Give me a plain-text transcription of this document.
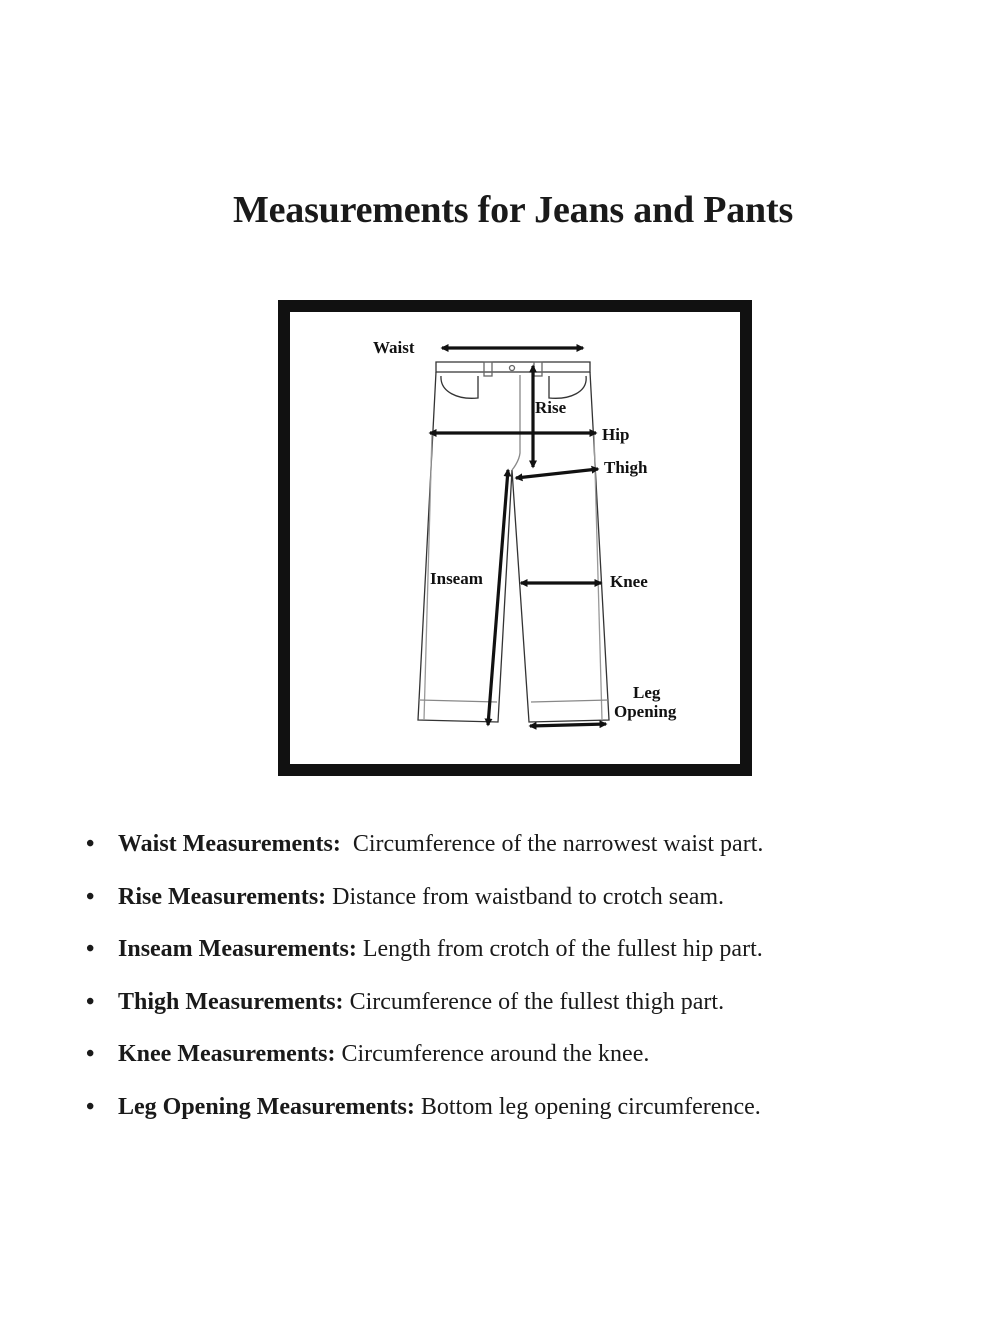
Measurements for Jeans and Pants
Waist
Rise
Hip
Thigh
Inseam	Knee
Leg
Opening
• Waist Measurements: Circumference of the narrowest waist part.
• Rise Measurements: Distance from waistband to crotch seam.
• Inseam Measurements: Length from crotch of the fullest hip part.
• Thigh Measurements: Circumference of the fullest thigh part.
• Knee Measurements: Circumference around the knee.
• Leg Opening Measurements: Bottom leg opening circumference.
